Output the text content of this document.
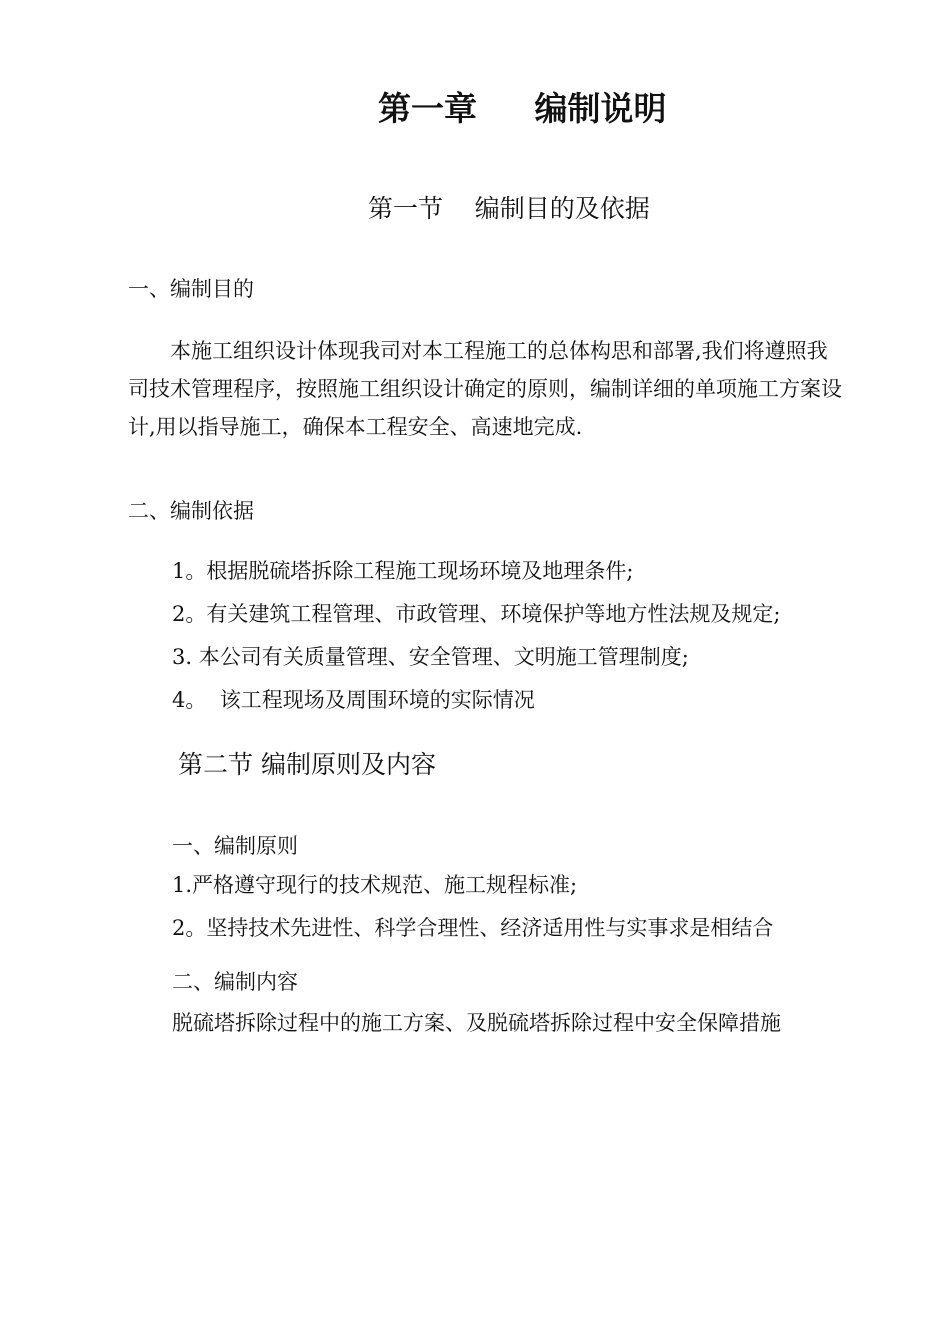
第一章     编制说明
第一节    编制目的及依据
一、编制目的
本施工组织设计体现我司对本工程施工的总体构思和部署,我们将遵照我司技术管理程序，按照施工组织设计确定的原则，编制详细的单项施工方案设计,用以指导施工，确保本工程安全、高速地完成.
二、编制依据
1。根据脱硫塔拆除工程施工现场环境及地理条件;
2。有关建筑工程管理、市政管理、环境保护等地方性法规及规定;
3. 本公司有关质量管理、安全管理、文明施工管理制度;
4。  该工程现场及周围环境的实际情况
第二节 编制原则及内容
一、编制原则
1.严格遵守现行的技术规范、施工规程标准;
2。坚持技术先进性、科学合理性、经济适用性与实事求是相结合
二、编制内容
脱硫塔拆除过程中的施工方案、及脱硫塔拆除过程中安全保障措施
